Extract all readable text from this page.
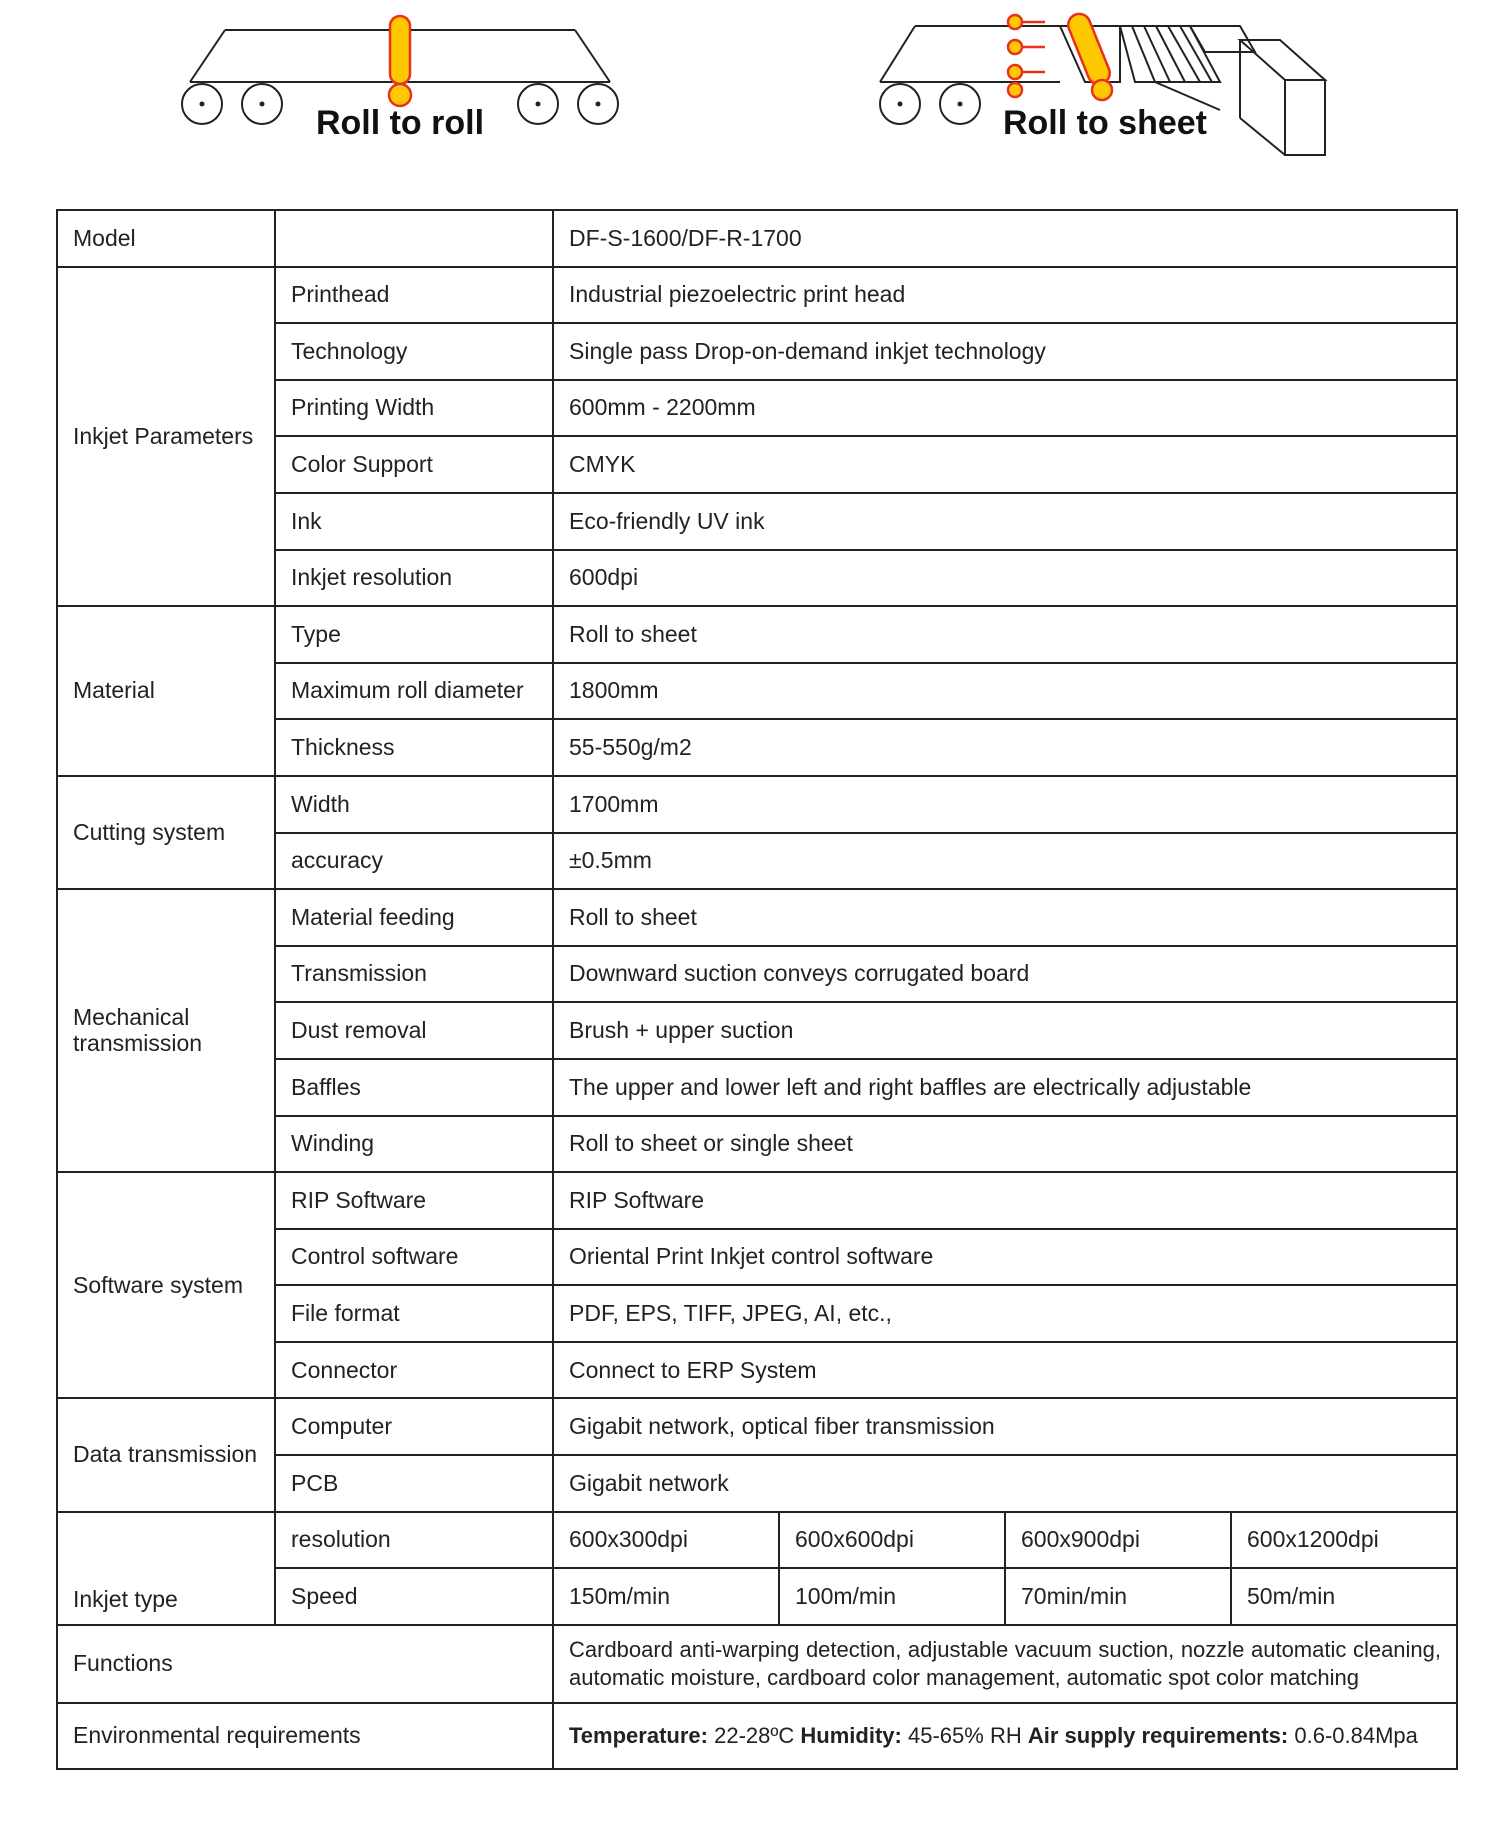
Roll to roll	Roll to sheet
Model		DF-S-1600/DF-R-1700			
Inkjet Parameters	Printhead	Industrial piezoelectric print head			
	Technology	Single pass Drop-on-demand inkjet technology			
	Printing Width	600mm - 2200mm			
	Color Support	CMYK			
	Ink	Eco-friendly UV ink			
	Inkjet resolution	600dpi			
Material	Type	Roll to sheet			
	Maximum roll diameter	1800mm			
	Thickness	55-550g/m2			
Cutting system	Width	1700mm			
	accuracy	±0.5mm			
Mechanical transmission	Material feeding	Roll to sheet			
	Transmission	Downward suction conveys corrugated board			
	Dust removal	Brush + upper suction			
	Baffles	The upper and lower left and right baffles are electrically adjustable			
	Winding	Roll to sheet or single sheet			
Software system	RIP Software	RIP Software			
	Control software	Oriental Print Inkjet control software			
	File format	PDF, EPS, TIFF, JPEG, AI, etc.,			
	Connector	Connect to ERP System			
Data transmission	Computer	Gigabit network, optical fiber transmission			
	PCB	Gigabit network			
Inkjet type	resolution	600x300dpi	600x600dpi	600x900dpi	600x1200dpi
	Speed	150m/min	100m/min	70min/min	50m/min
Functions		Cardboard anti-warping detection, adjustable vacuum suction, nozzle automatic cleaning, automatic moisture, cardboard color management, automatic spot color matching			
Environmental requirements		Temperature: 22-28ºC Humidity: 45-65% RH Air supply requirements: 0.6-0.84Mpa			
